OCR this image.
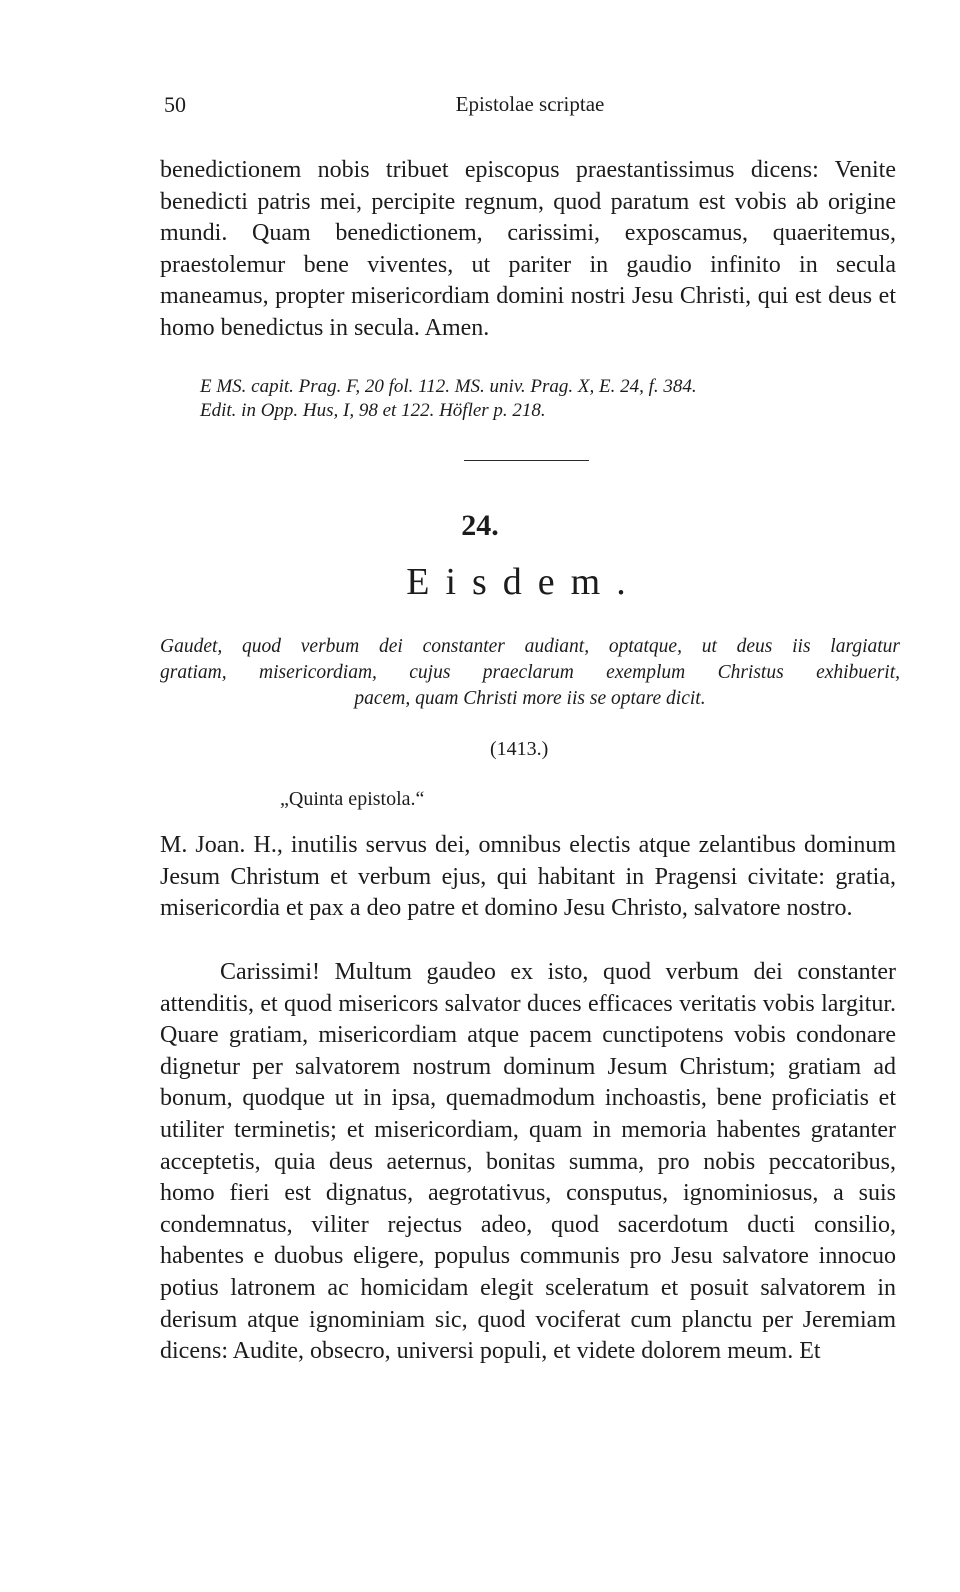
50	Epistolae scriptae

benedictionem nobis tribuet episcopus praestantissimus dicens: Venite benedicti patris mei, percipite regnum, quod paratum est vobis ab origine mundi. Quam benedictionem, carissimi, exposcamus, quaeritemus, praestolemur bene viventes, ut pariter in gaudio infinito in secula maneamus, propter misericordiam domini nostri Jesu Christi, qui est deus et homo benedictus in secula. Amen.

E MS. capit. Prag. F, 20 fol. 112. MS. univ. Prag. X, E. 24, f. 384.
Edit. in Opp. Hus, I, 98 et 122. Höfler p. 218.
24.
Eisdem.
Gaudet, quod verbum dei constanter audiant, optatque, ut deus iis largiatur
gratiam, misericordiam, cujus praeclarum exemplum Christus exhibuerit,
pacem, quam Christi more iis se optare dicit.
(1413.)
„Quinta epistola.“

M. Joan. H., inutilis servus dei, omnibus electis atque zelantibus dominum Jesum Christum et verbum ejus, qui habitant in Pragensi civitate: gratia, misericordia et pax a deo patre et domino Jesu Christo, salvatore nostro.

Carissimi! Multum gaudeo ex isto, quod verbum dei constanter attenditis, et quod misericors salvator duces efficaces veritatis vobis largitur. Quare gratiam, misericordiam atque pacem cunctipotens vobis condonare dignetur per salvatorem nostrum dominum Jesum Christum; gratiam ad bonum, quodque ut in ipsa, quemadmodum inchoastis, bene proficiatis et utiliter terminetis; et misericordiam, quam in memoria habentes gratanter acceptetis, quia deus aeternus, bonitas summa, pro nobis peccatoribus, homo fieri est dignatus, aegrotativus, consputus, ignominiosus, a suis condemnatus, viliter rejectus adeo, quod sacerdotum ducti consilio, habentes e duobus eligere, populus communis pro Jesu salvatore innocuo potius latronem ac homicidam elegit sceleratum et posuit salvatorem in derisum atque ignominiam sic, quod vociferat cum planctu per Jeremiam dicens: Audite, obsecro, universi populi, et videte dolorem meum. Et
